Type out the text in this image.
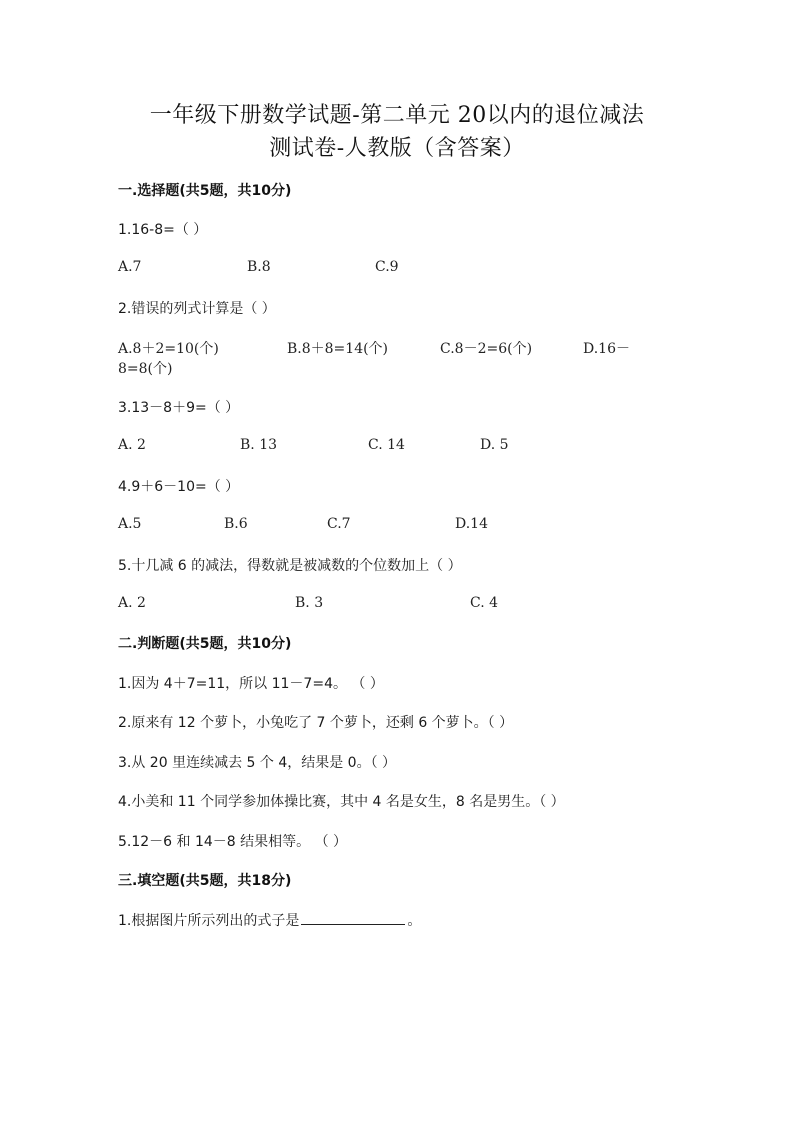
一年级下册数学试题-第二单元 20以内的退位减法
测试卷-人教版（含答案）
一.选择题(共5题，共10分)
1.16-8=（ ）
A.7	B.8	C.9
2.错误的列式计算是（ ）
A.8＋2=10(个)	B.8＋8=14(个)	C.8－2=6(个)	D.16－
8=8(个)
3.13－8＋9=（ ）
A. 2	B. 13	C. 14	D. 5
4.9＋6－10=（ ）
A.5	B.6	C.7	D.14
5.十几减 6 的减法，得数就是被减数的个位数加上（ ）
A. 2	B. 3	C. 4
二.判断题(共5题，共10分)
1.因为 4＋7=11，所以 11－7=4。 （ ）
2.原来有 12 个萝卜，小兔吃了 7 个萝卜，还剩 6 个萝卜。（ ）
3.从 20 里连续减去 5 个 4，结果是 0。（ ）
4.小美和 11 个同学参加体操比赛，其中 4 名是女生，8 名是男生。（ ）
5.12－6 和 14－8 结果相等。 （ ）
三.填空题(共5题，共18分)
1.根据图片所示列出的式子是	。
